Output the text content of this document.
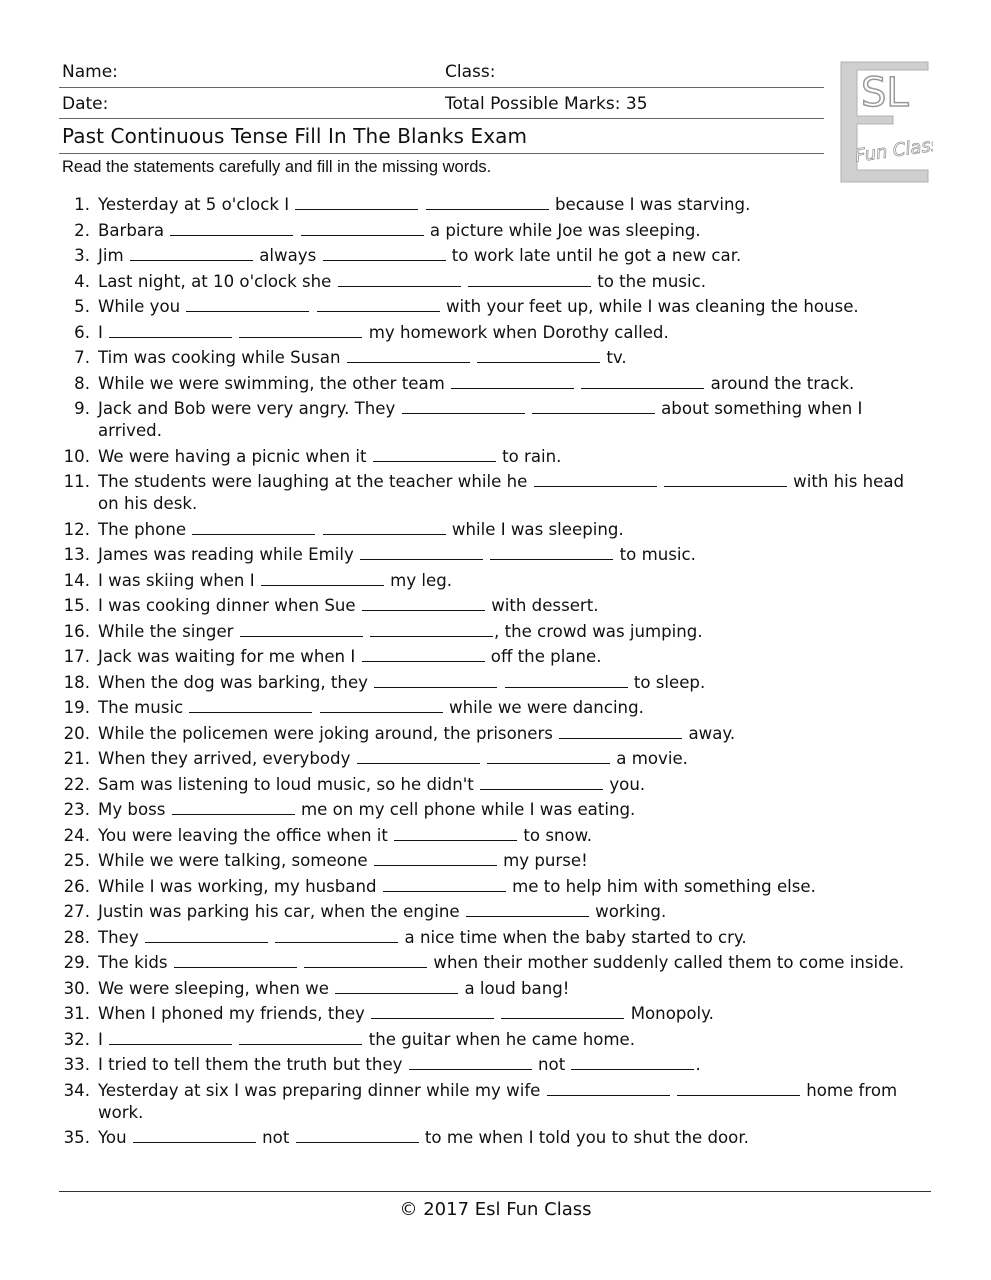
Name:	Class:
Date:	Total Possible Marks: 35
Past Continuous Tense Fill In The Blanks Exam
Read the statements carefully and fill in the missing words.
SL
Fun Class
1. Yesterday at 5 o'clock I	because I was starving.
2. Barbara	a picture while Joe was sleeping.
3. Jim	always	to work late until he got a new car.
4. Last night, at 10 o'clock she	to the music.
5. While you	with your feet up, while I was cleaning the house.
6. I	my homework when Dorothy called.
7. Tim was cooking while Susan	tv.
8. While we were swimming, the other team	around the track.
9. Jack and Bob were very angry. They	about something when I arrived.
10. We were having a picnic when it	to rain.
11. The students were laughing at the teacher while he	with his head on his desk.
12. The phone	while I was sleeping.
13. James was reading while Emily	to music.
14. I was skiing when I	my leg.
15. I was cooking dinner when Sue	with dessert.
16. While the singer	, the crowd was jumping.
17. Jack was waiting for me when I	off the plane.
18. When the dog was barking, they	to sleep.
19. The music	while we were dancing.
20. While the policemen were joking around, the prisoners	away.
21. When they arrived, everybody	a movie.
22. Sam was listening to loud music, so he didn't	you.
23. My boss	me on my cell phone while I was eating.
24. You were leaving the office when it	to snow.
25. While we were talking, someone	my purse!
26. While I was working, my husband	me to help him with something else.
27. Justin was parking his car, when the engine	working.
28. They	a nice time when the baby started to cry.
29. The kids	when their mother suddenly called them to come inside.
30. We were sleeping, when we	a loud bang!
31. When I phoned my friends, they	Monopoly.
32. I	the guitar when he came home.
33. I tried to tell them the truth but they	not	.
34. Yesterday at six I was preparing dinner while my wife	home from work.
35. You	not	to me when I told you to shut the door.
© 2017 Esl Fun Class
